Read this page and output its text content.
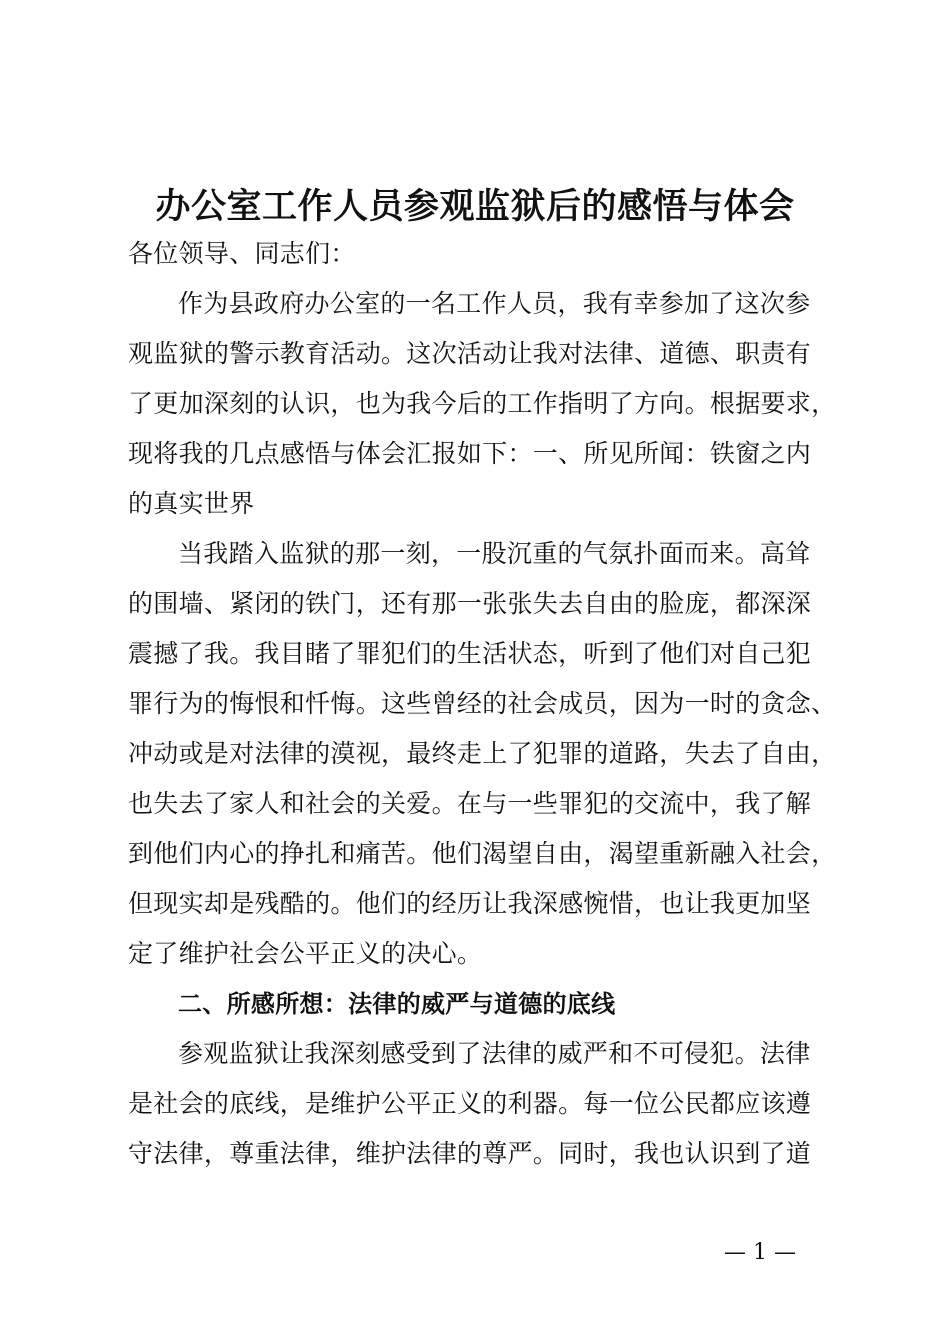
办公室工作人员参观监狱后的感悟与体会
各位领导、同志们：
作为县政府办公室的一名工作人员，我有幸参加了这次参
观监狱的警示教育活动。这次活动让我对法律、道德、职责有
了更加深刻的认识，也为我今后的工作指明了方向。根据要求，
现将我的几点感悟与体会汇报如下：一、所见所闻：铁窗之内
的真实世界
当我踏入监狱的那一刻，一股沉重的气氛扑面而来。高耸
的围墙、紧闭的铁门，还有那一张张失去自由的脸庞，都深深
震撼了我。我目睹了罪犯们的生活状态，听到了他们对自己犯
罪行为的悔恨和忏悔。这些曾经的社会成员，因为一时的贪念、
冲动或是对法律的漠视，最终走上了犯罪的道路，失去了自由，
也失去了家人和社会的关爱。在与一些罪犯的交流中，我了解
到他们内心的挣扎和痛苦。他们渴望自由，渴望重新融入社会，
但现实却是残酷的。他们的经历让我深感惋惜，也让我更加坚
定了维护社会公平正义的决心。
二、所感所想：法律的威严与道德的底线
参观监狱让我深刻感受到了法律的威严和不可侵犯。法律
是社会的底线，是维护公平正义的利器。每一位公民都应该遵
守法律，尊重法律，维护法律的尊严。同时，我也认识到了道
— 1 —
